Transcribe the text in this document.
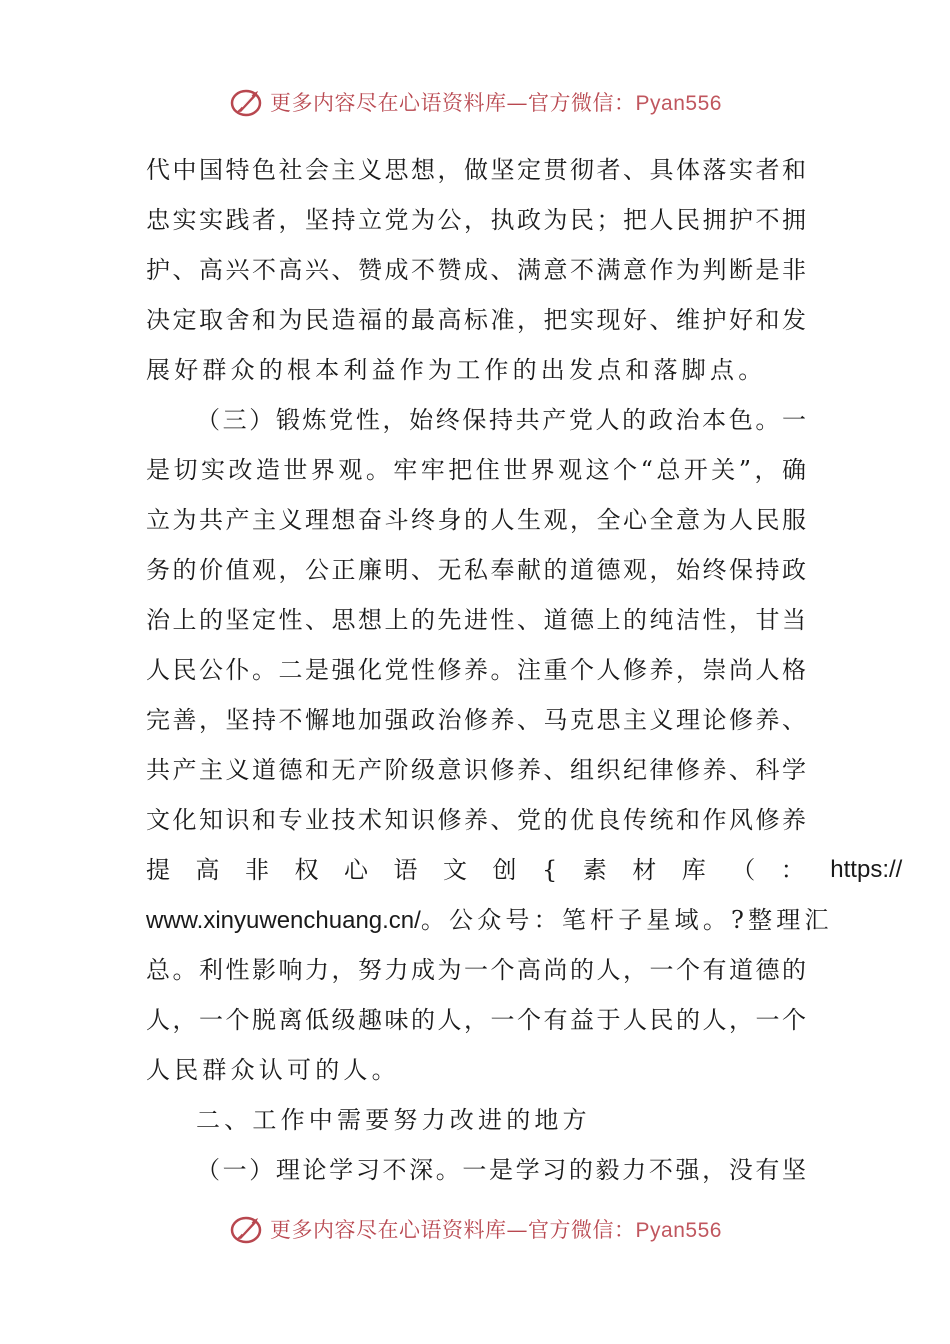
更多内容尽在心语资料库—官方微信：Pyan556
代中国特色社会主义思想，做坚定贯彻者、具体落实者和
忠实实践者，坚持立党为公，执政为民；把人民拥护不拥
护、高兴不高兴、赞成不赞成、满意不满意作为判断是非
决定取舍和为民造福的最高标准，把实现好、维护好和发
展好群众的根本利益作为工作的出发点和落脚点。
（三）锻炼党性，始终保持共产党人的政治本色。一
是切实改造世界观。牢牢把住世界观这个“总开关”，确
立为共产主义理想奋斗终身的人生观，全心全意为人民服
务的价值观，公正廉明、无私奉献的道德观，始终保持政
治上的坚定性、思想上的先进性、道德上的纯洁性，甘当
人民公仆。二是强化党性修养。注重个人修养，崇尚人格
完善，坚持不懈地加强政治修养、马克思主义理论修养、
共产主义道德和无产阶级意识修养、组织纪律修养、科学
文化知识和专业技术知识修养、党的优良传统和作风修养
提高非权心语文创{素材库（： https://
www.xinyuwenchuang.cn/。公众号：笔杆子星域。?整理汇
总。利性影响力，努力成为一个高尚的人，一个有道德的
人，一个脱离低级趣味的人，一个有益于人民的人，一个
人民群众认可的人。
二、工作中需要努力改进的地方
（一）理论学习不深。一是学习的毅力不强，没有坚
更多内容尽在心语资料库—官方微信：Pyan556
